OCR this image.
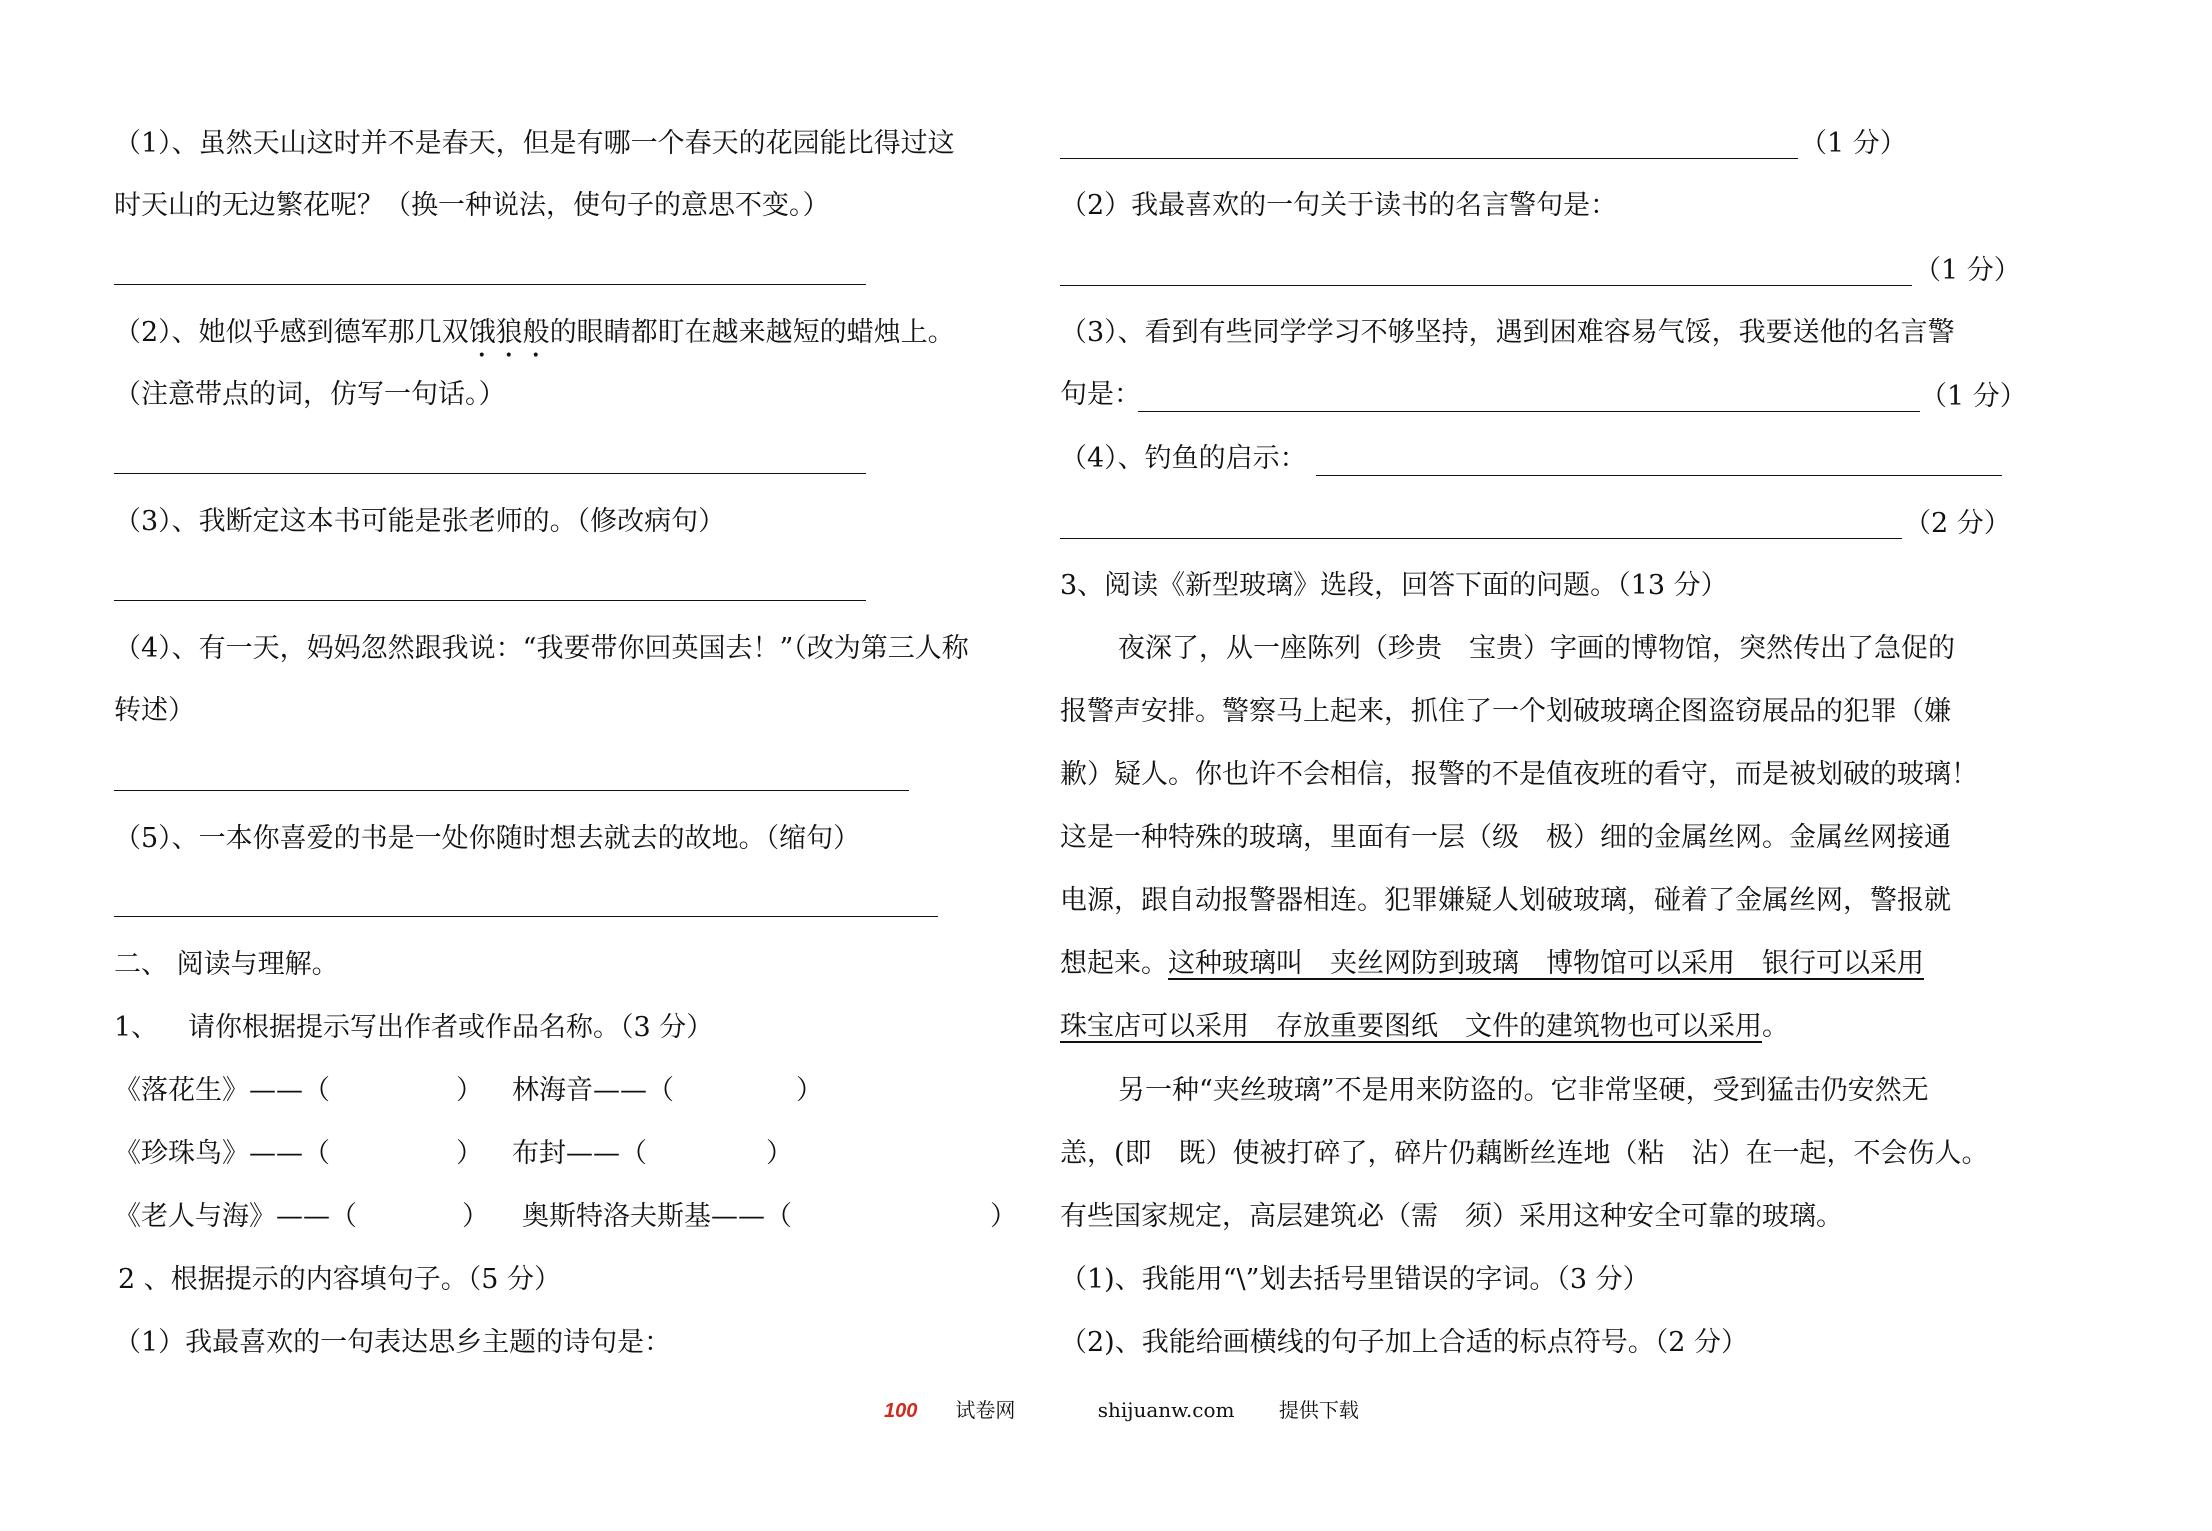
（1）、虽然天山这时并不是春天，但是有哪一个春天的花园能比得过这
时天山的无边繁花呢？（换一种说法，使句子的意思不变。）
（2）、她似乎感到德军那几双饿狼般的眼睛都盯在越来越短的蜡烛上。
（注意带点的词，仿写一句话。）
（3）、我断定这本书可能是张老师的。（修改病句）
（4）、有一天，妈妈忽然跟我说：“我要带你回英国去！”（改为第三人称
转述）
（5）、一本你喜爱的书是一处你随时想去就去的故地。（缩句）
二、 阅读与理解。
1、 请你根据提示写出作者或作品名称。（3 分）
《落花生》——（	） 林海音——（	）
《珍珠鸟》——（	） 布封——（	）
《老人与海》——（	） 奥斯特洛夫斯基——（	）
2 、根据提示的内容填句子。（5 分）
（1）我最喜欢的一句表达思乡主题的诗句是：
（1 分）
（2）我最喜欢的一句关于读书的名言警句是：
（1 分）
（3）、看到有些同学学习不够坚持，遇到困难容易气馁，我要送他的名言警
句是：	（1 分）
（4）、钓鱼的启示：
（2 分）
3、阅读《新型玻璃》选段，回答下面的问题。（13 分）
夜深了，从一座陈列（珍贵　宝贵）字画的博物馆，突然传出了急促的
报警声安排。警察马上起来，抓住了一个划破玻璃企图盗窃展品的犯罪（嫌
歉）疑人。你也许不会相信，报警的不是值夜班的看守，而是被划破的玻璃！
这是一种特殊的玻璃，里面有一层（级　极）细的金属丝网。金属丝网接通
电源，跟自动报警器相连。犯罪嫌疑人划破玻璃，碰着了金属丝网，警报就
想起来。这种玻璃叫　夹丝网防到玻璃　博物馆可以采用　银行可以采用
珠宝店可以采用　存放重要图纸　文件的建筑物也可以采用。
另一种“夹丝玻璃”不是用来防盗的。它非常坚硬，受到猛击仍安然无
恙，(即　既）使被打碎了，碎片仍藕断丝连地（粘　沾）在一起，不会伤人。
有些国家规定，高层建筑必（需　须）采用这种安全可靠的玻璃。
（1)、我能用“\”划去括号里错误的字词。（3 分）
（2)、我能给画横线的句子加上合适的标点符号。（2 分）
100 试卷网	shijuanw.com 提供下载
